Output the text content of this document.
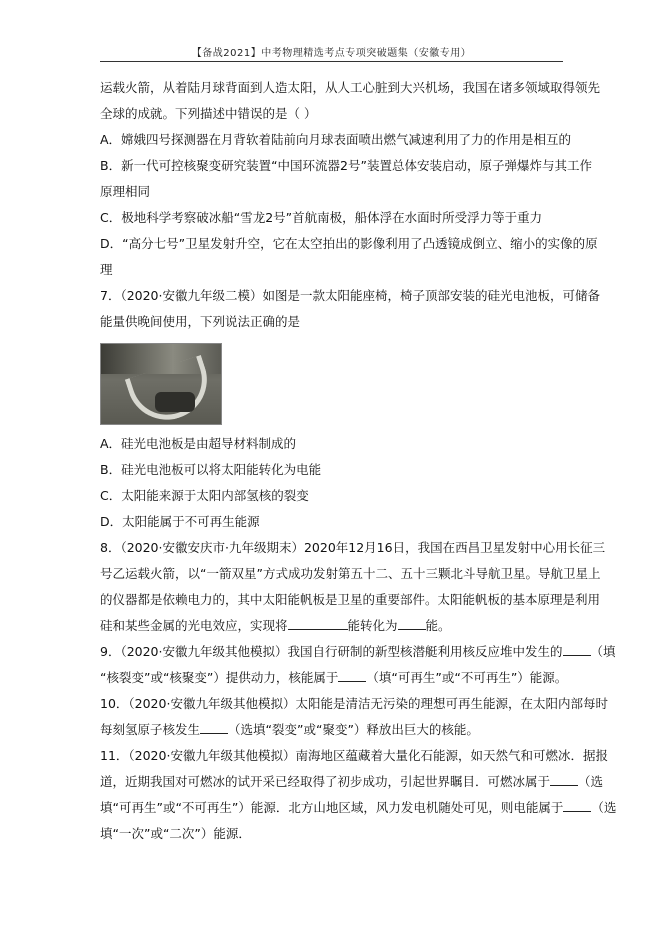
【备战2021】中考物理精选考点专项突破题集（安徽专用）
运载火箭，从着陆月球背面到人造太阳，从人工心脏到大兴机场，我国在诸多领域取得领先
全球的成就。下列描述中错误的是（ ）
A．嫦娥四号探测器在月背软着陆前向月球表面喷出燃气减速利用了力的作用是相互的
B．新一代可控核聚变研究装置“中国环流器2号”装置总体安装启动，原子弹爆炸与其工作
原理相同
C．极地科学考察破冰船“雪龙2号”首航南极，船体浮在水面时所受浮力等于重力
D．“高分七号”卫星发射升空，它在太空拍出的影像利用了凸透镜成倒立、缩小的实像的原
理
7．（2020·安徽九年级二模）如图是一款太阳能座椅，椅子顶部安装的硅光电池板，可储备
能量供晚间使用，下列说法正确的是
A．硅光电池板是由超导材料制成的
B．硅光电池板可以将太阳能转化为电能
C．太阳能来源于太阳内部氢核的裂变
D．太阳能属于不可再生能源
8．（2020·安徽安庆市·九年级期末）2020年12月16日，我国在西昌卫星发射中心用长征三
号乙运载火箭，以“一箭双星”方式成功发射第五十二、五十三颗北斗导航卫星。导航卫星上
的仪器都是依赖电力的，其中太阳能帆板是卫星的重要部件。太阳能帆板的基本原理是利用
硅和某些金属的光电效应，实现将	能转化为 能。
9．（2020·安徽九年级其他模拟）我国自行研制的新型核潜艇利用核反应堆中发生的 （填
“核裂变”或“核聚变”）提供动力，核能属于 （填“可再生”或“不可再生”）能源。
10．（2020·安徽九年级其他模拟）太阳能是清洁无污染的理想可再生能源，在太阳内部每时
每刻氢原子核发生 （选填“裂变”或“聚变”）释放出巨大的核能。
11．（2020·安徽九年级其他模拟）南海地区蕴藏着大量化石能源，如天然气和可燃冰．据报
道，近期我国对可燃冰的试开采已经取得了初步成功，引起世界瞩目．可燃冰属于 （选
填“可再生”或“不可再生”）能源．北方山地区域，风力发电机随处可见，则电能属于 （选
填“一次”或“二次”）能源．
